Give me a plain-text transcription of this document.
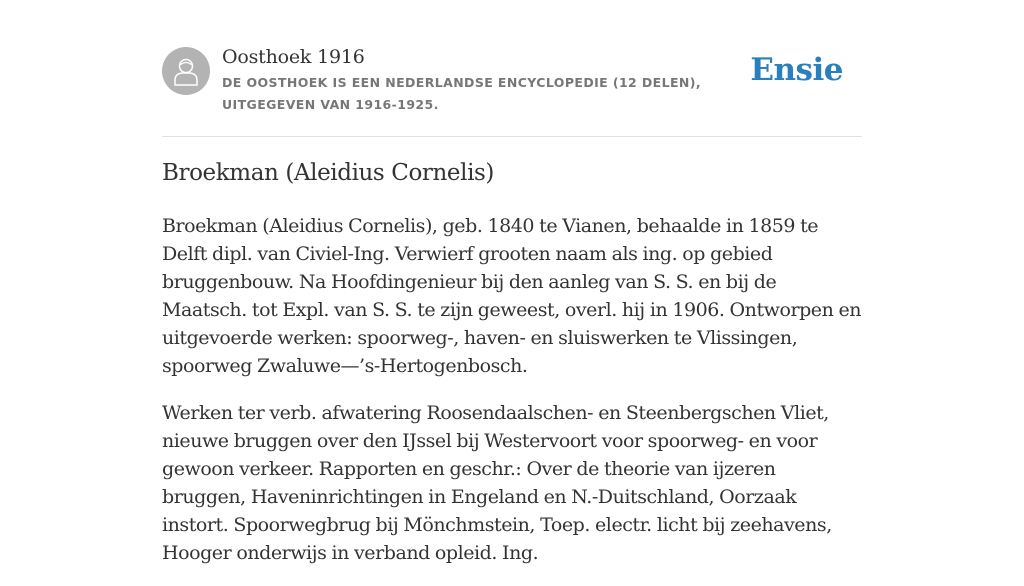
Oosthoek 1916
DE OOSTHOEK IS EEN NEDERLANDSE ENCYCLOPEDIE (12 DELEN), UITGEGEVEN VAN 1916-1925.
Ensie
Broekman (Aleidius Cornelis)

Broekman (Aleidius Cornelis), geb. 1840 te Vianen, behaalde in 1859 te Delft dipl. van Civiel-Ing. Verwierf grooten naam als ing. op gebied bruggenbouw. Na Hoofdingenieur bij den aanleg van S. S. en bij de Maatsch. tot Expl. van S. S. te zijn geweest, overl. hij in 1906. Ontworpen en uitgevoerde werken: spoorweg-, haven- en sluiswerken te Vlissingen, spoorweg Zwaluwe—’s-Hertogenbosch.

Werken ter verb. afwatering Roosendaalschen- en Steenbergschen Vliet, nieuwe bruggen over den IJssel bij Westervoort voor spoorweg- en voor gewoon verkeer. Rapporten en geschr.: Over de theorie van ijzeren bruggen, Haveninrichtingen in Engeland en N.-Duitschland, Oorzaak instort. Spoorwegbrug bij Mönchmstein, Toep. electr. licht bij zeehavens, Hooger onderwijs in verband opleid. Ing.
